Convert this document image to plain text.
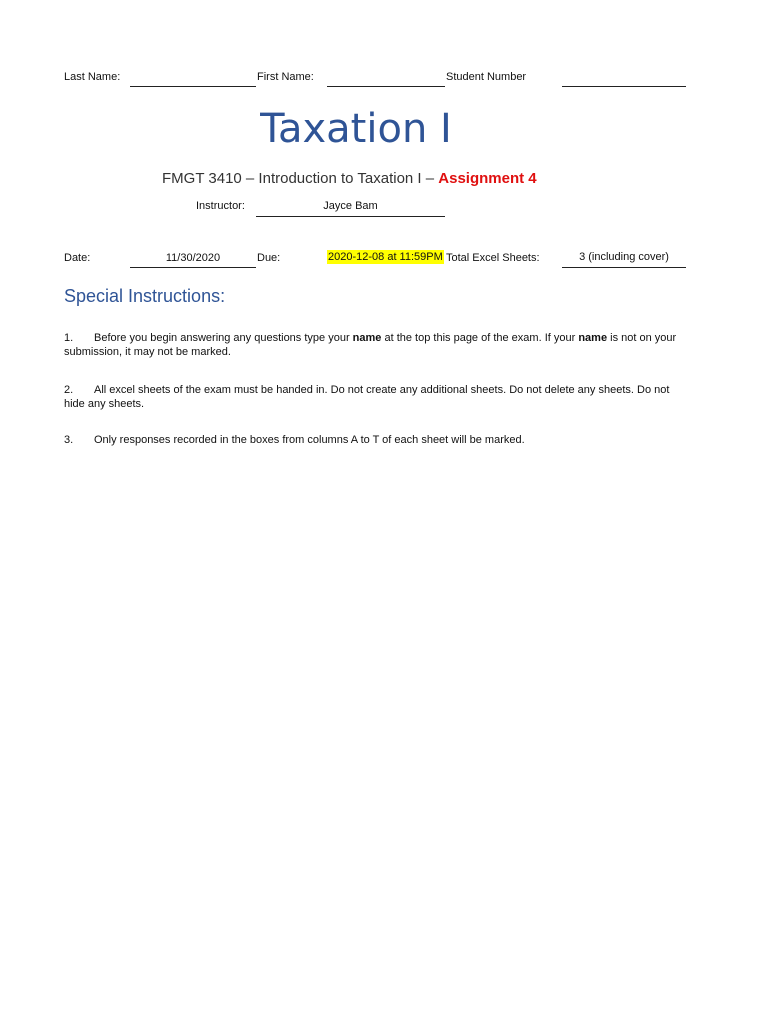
Last Name:	First Name:	Student Number
Taxation I
FMGT 3410 – Introduction to Taxation I – Assignment 4
Instructor:	Jayce Bam
Date:	11/30/2020	Due:	2020-12-08 at 11:59PM Total Excel Sheets:	3 (including cover)
Special Instructions:
1. Before you begin answering any questions type your name at the top this page of the exam. If your name is not on your submission, it may not be marked.
2. All excel sheets of the exam must be handed in. Do not create any additional sheets. Do not delete any sheets. Do not hide any sheets.
3. Only responses recorded in the boxes from columns A to T of each sheet will be marked.
